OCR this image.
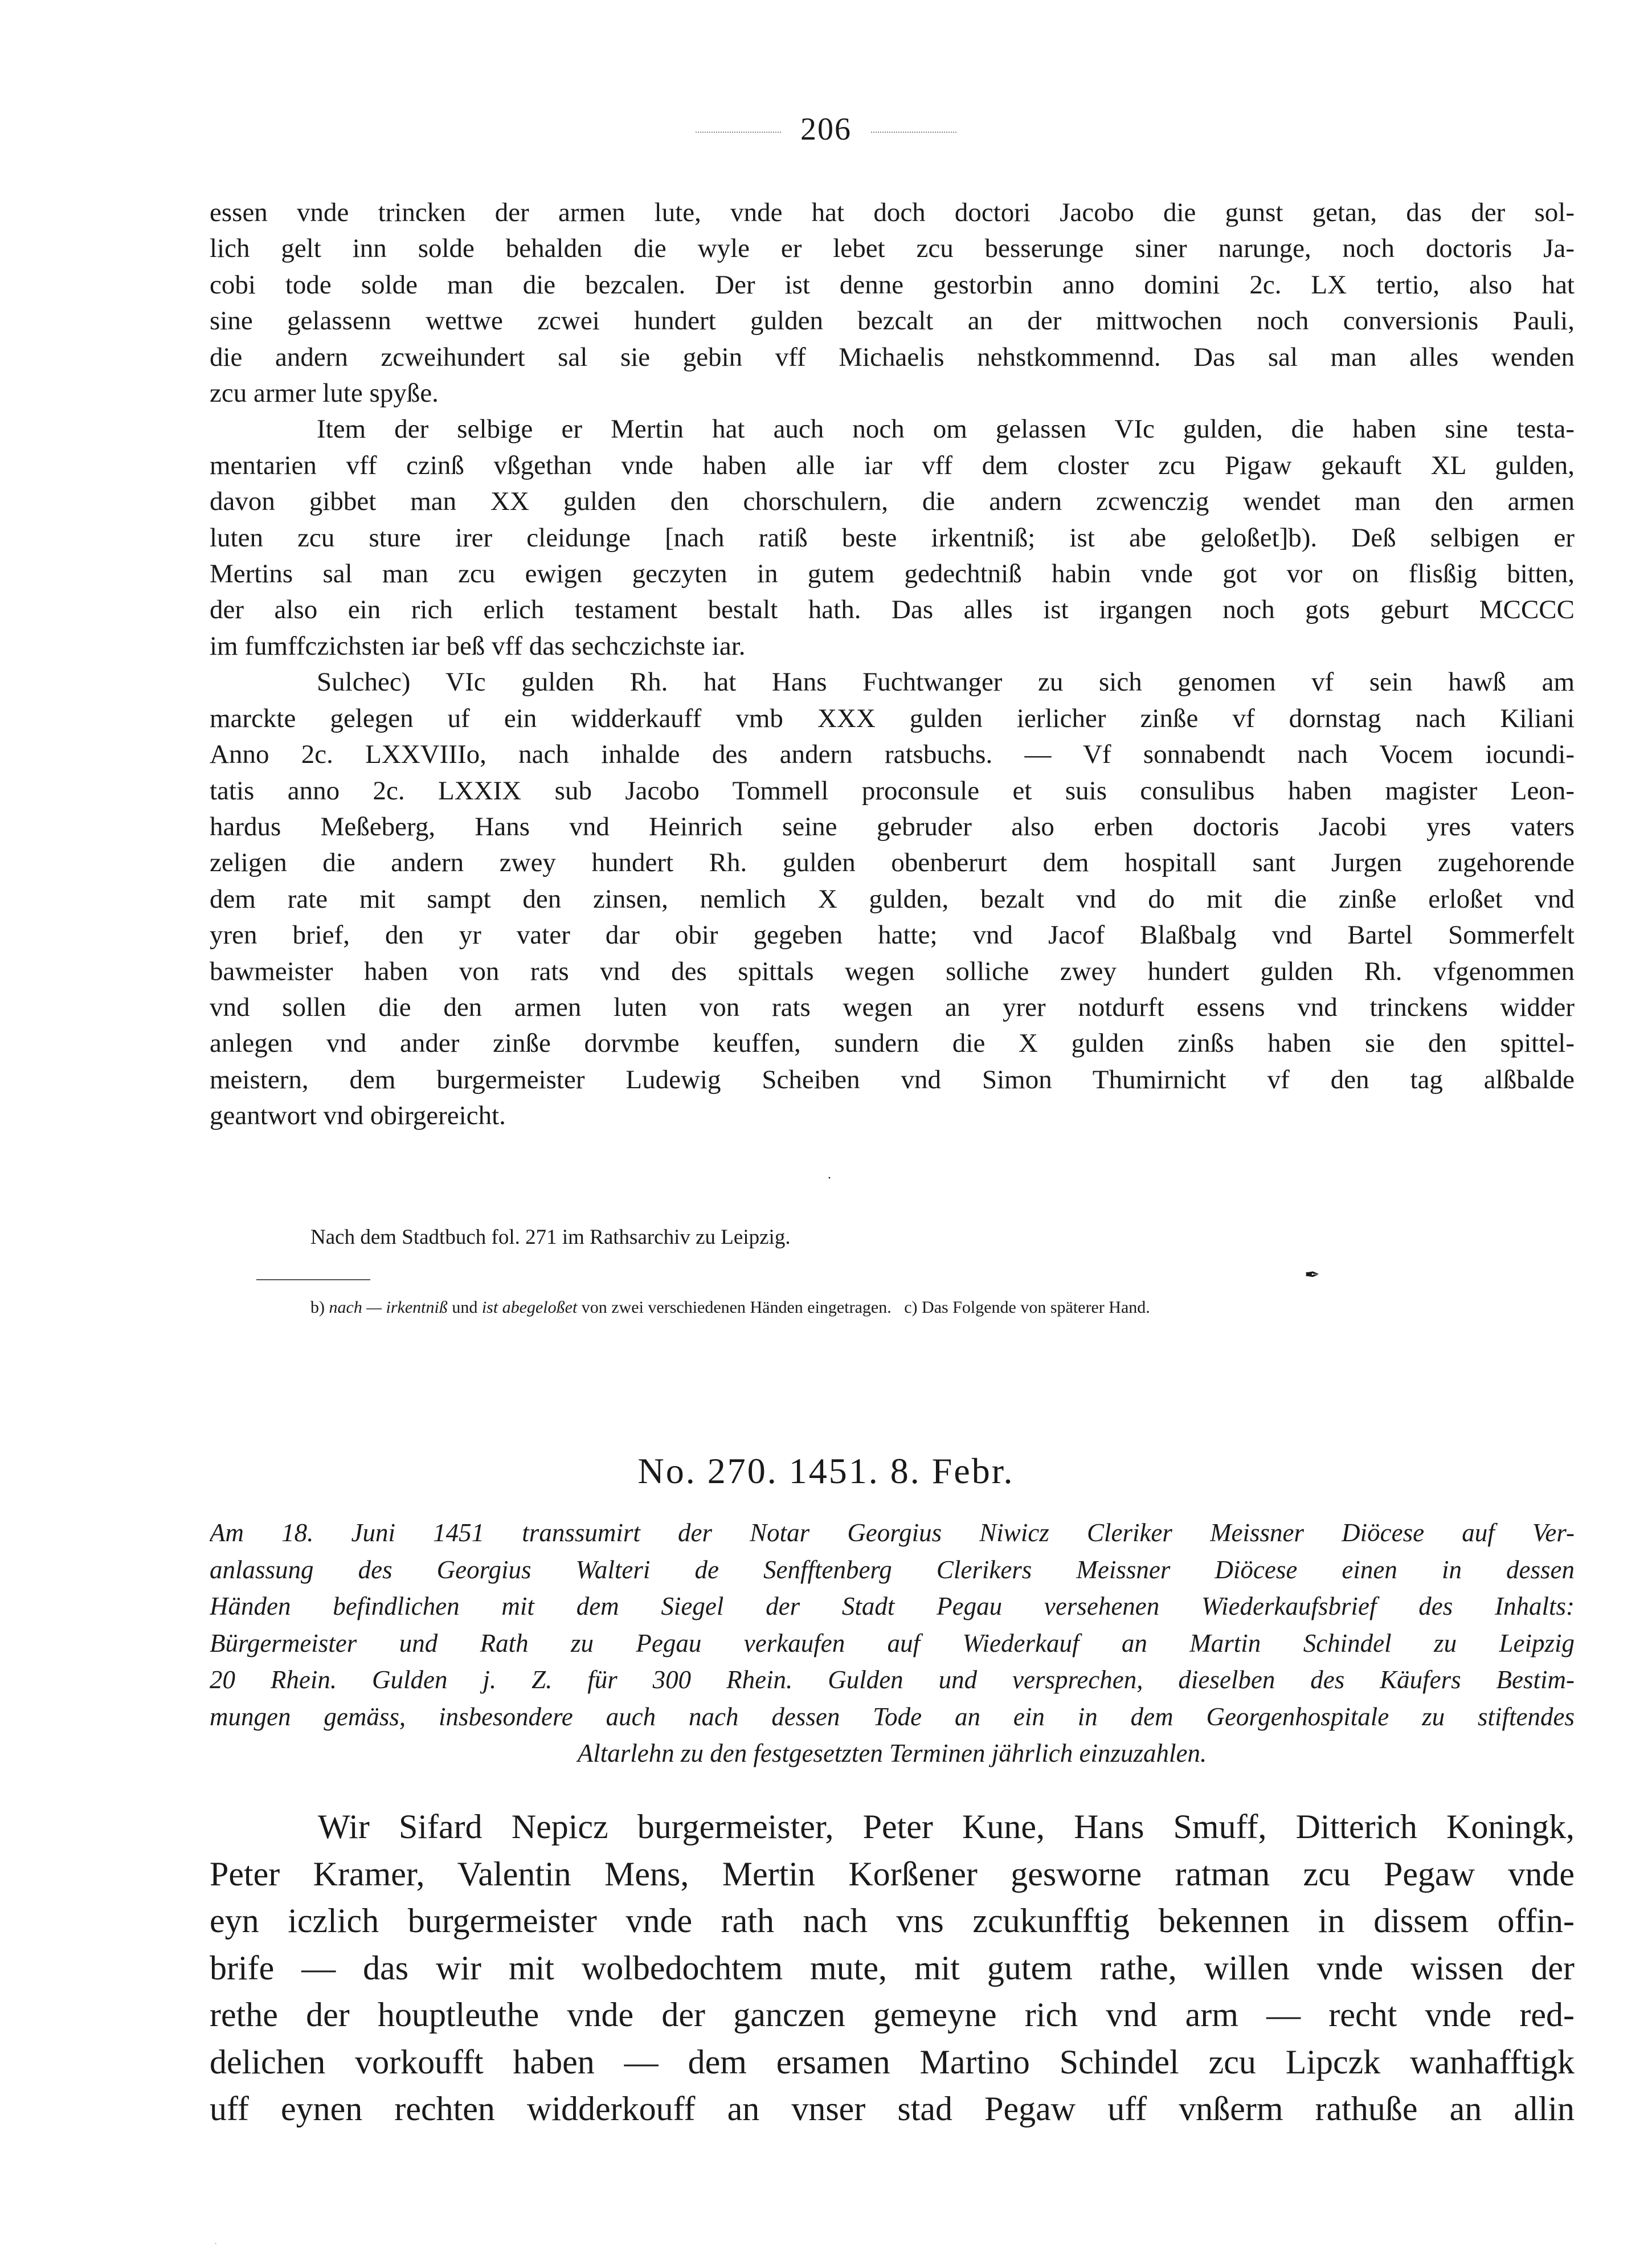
206
essen vnde trincken der armen lute, vnde hat doch doctori Jacobo die gunst getan, das der sol-
lich gelt inn solde behalden die wyle er lebet zcu besserunge siner narunge, noch doctoris Ja-
cobi tode solde man die bezcalen. Der ist denne gestorbin anno domini 2c. LX tertio, also hat
sine gelassenn wettwe zcwei hundert gulden bezcalt an der mittwochen noch conversionis Pauli,
die andern zcweihundert sal sie gebin vff Michaelis nehstkommennd. Das sal man alles wenden
zcu armer lute spyße.
Item der selbige er Mertin hat auch noch om gelassen VIc gulden, die haben sine testa-
mentarien vff czinß vßgethan vnde haben alle iar vff dem closter zcu Pigaw gekauft XL gulden,
davon gibbet man XX gulden den chorschulern, die andern zcwenczig wendet man den armen
luten zcu sture irer cleidunge [nach ratiß beste irkentniß; ist abe geloßet]b). Deß selbigen er
Mertins sal man zcu ewigen geczyten in gutem gedechtniß habin vnde got vor on flisßig bitten,
der also ein rich erlich testament bestalt hath. Das alles ist irgangen noch gots geburt MCCCC
im fumffczichsten iar beß vff das sechczichste iar.
Sulchec) VIc gulden Rh. hat Hans Fuchtwanger zu sich genomen vf sein hawß am
marckte gelegen uf ein widderkauff vmb XXX gulden ierlicher zinße vf dornstag nach Kiliani
Anno 2c. LXXVIIIo, nach inhalde des andern ratsbuchs. — Vf sonnabendt nach Vocem iocundi-
tatis anno 2c. LXXIX sub Jacobo Tommell proconsule et suis consulibus haben magister Leon-
hardus Meßeberg, Hans vnd Heinrich seine gebruder also erben doctoris Jacobi yres vaters
zeligen die andern zwey hundert Rh. gulden obenberurt dem hospitall sant Jurgen zugehorende
dem rate mit sampt den zinsen, nemlich X gulden, bezalt vnd do mit die zinße erloßet vnd
yren brief, den yr vater dar obir gegeben hatte; vnd Jacof Blaßbalg vnd Bartel Sommerfelt
bawmeister haben von rats vnd des spittals wegen solliche zwey hundert gulden Rh. vfgenommen
vnd sollen die den armen luten von rats wegen an yrer notdurft essens vnd trinckens widder
anlegen vnd ander zinße dorvmbe keuffen, sundern die X gulden zinßs haben sie den spittel-
meistern, dem burgermeister Ludewig Scheiben vnd Simon Thumirnicht vf den tag alßbalde
geantwort vnd obirgereicht.
·
Nach dem Stadtbuch fol. 271 im Rathsarchiv zu Leipzig.
✒
b) nach — irkentniß und ist abegeloßet von zwei verschiedenen Händen eingetragen. c) Das Folgende von späterer Hand.
No. 270. 1451. 8. Febr.
Am 18. Juni 1451 transsumirt der Notar Georgius Niwicz Cleriker Meissner Diöcese auf Ver-
anlassung des Georgius Walteri de Senfftenberg Clerikers Meissner Diöcese einen in dessen
Händen befindlichen mit dem Siegel der Stadt Pegau versehenen Wiederkaufsbrief des Inhalts:
Bürgermeister und Rath zu Pegau verkaufen auf Wiederkauf an Martin Schindel zu Leipzig
20 Rhein. Gulden j. Z. für 300 Rhein. Gulden und versprechen, dieselben des Käufers Bestim-
mungen gemäss, insbesondere auch nach dessen Tode an ein in dem Georgenhospitale zu stiftendes
Altarlehn zu den festgesetzten Terminen jährlich einzuzahlen.
Wir Sifard Nepicz burgermeister, Peter Kune, Hans Smuff, Ditterich Koningk,
Peter Kramer, Valentin Mens, Mertin Korßener gesworne ratman zcu Pegaw vnde
eyn iczlich burgermeister vnde rath nach vns zcukunfftig bekennen in dissem offin-
brife — das wir mit wolbedochtem mute, mit gutem rathe, willen vnde wissen der
rethe der houptleuthe vnde der ganczen gemeyne rich vnd arm — recht vnde red-
delichen vorkoufft haben — dem ersamen Martino Schindel zcu Lipczk wanhafftigk
uff eynen rechten widderkouff an vnser stad Pegaw uff vnßerm rathuße an allin
·
